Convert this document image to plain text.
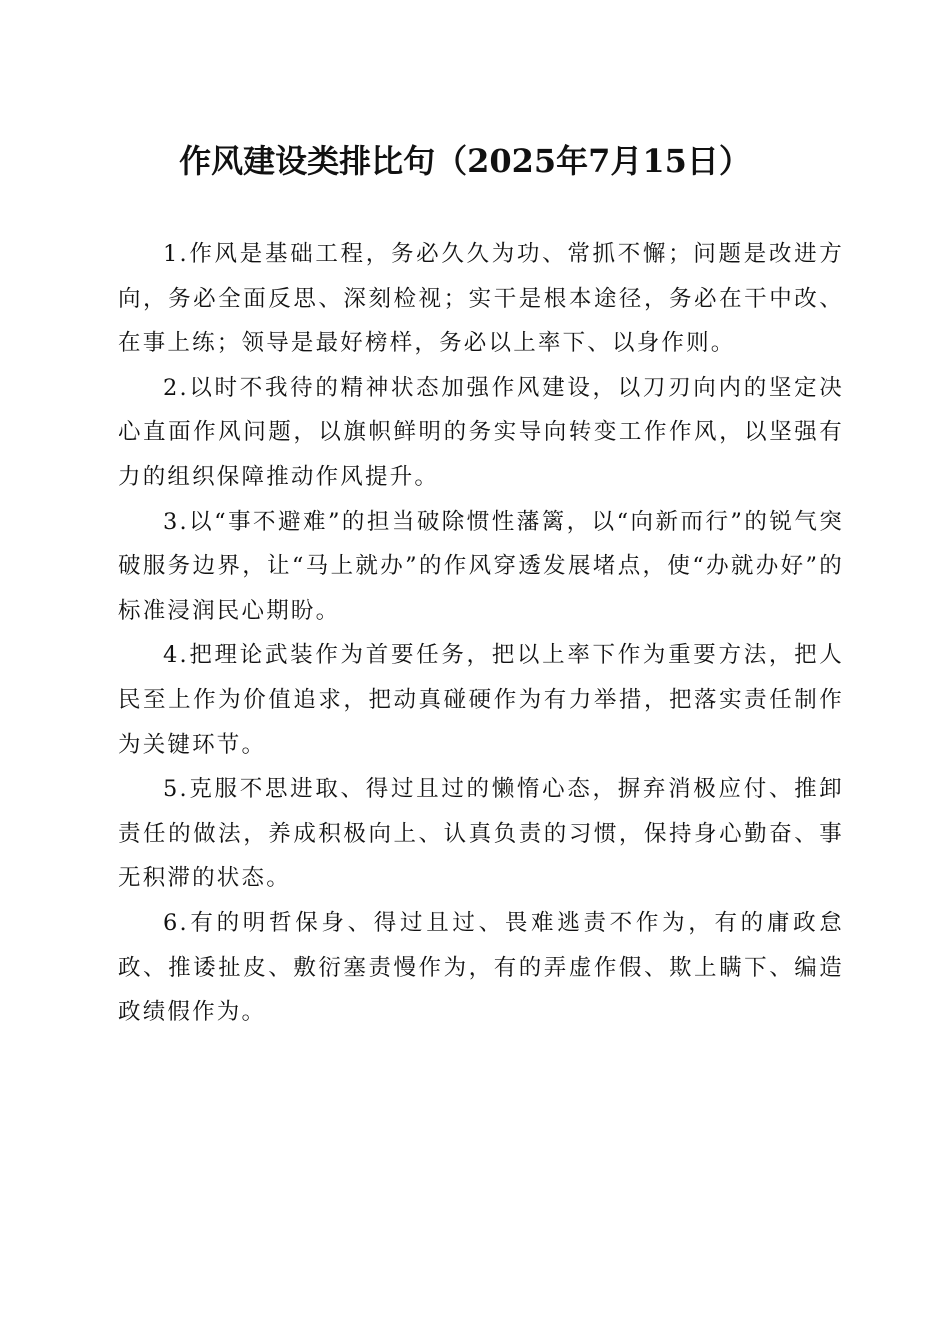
作风建设类排比句（2025年7月15日）

1.作风是基础工程，务必久久为功、常抓不懈；问题是改进方向，务必全面反思、深刻检视；实干是根本途径，务必在干中改、在事上练；领导是最好榜样，务必以上率下、以身作则。

2.以时不我待的精神状态加强作风建设，以刀刃向内的坚定决心直面作风问题，以旗帜鲜明的务实导向转变工作作风，以坚强有力的组织保障推动作风提升。

3.以“事不避难”的担当破除惯性藩篱，以“向新而行”的锐气突破服务边界，让“马上就办”的作风穿透发展堵点，使“办就办好”的标准浸润民心期盼。

4.把理论武装作为首要任务，把以上率下作为重要方法，把人民至上作为价值追求，把动真碰硬作为有力举措，把落实责任制作为关键环节。

5.克服不思进取、得过且过的懒惰心态，摒弃消极应付、推卸责任的做法，养成积极向上、认真负责的习惯，保持身心勤奋、事无积滞的状态。

6.有的明哲保身、得过且过、畏难逃责不作为，有的庸政怠政、推诿扯皮、敷衍塞责慢作为，有的弄虚作假、欺上瞒下、编造政绩假作为。
